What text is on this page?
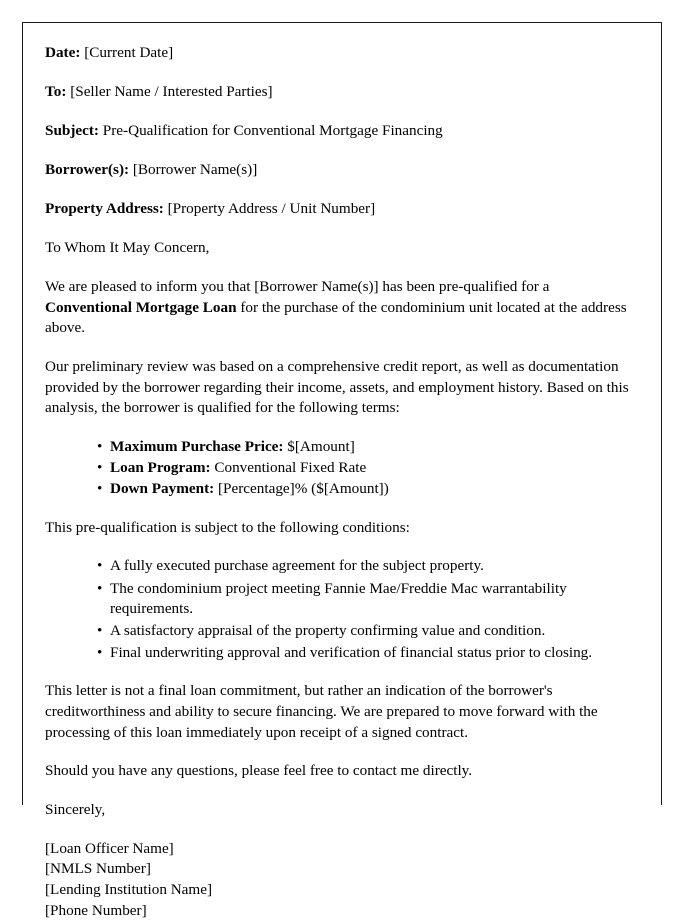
Date: [Current Date]
To: [Seller Name / Interested Parties]
Subject: Pre-Qualification for Conventional Mortgage Financing
Borrower(s): [Borrower Name(s)]
Property Address: [Property Address / Unit Number]

To Whom It May Concern,

We are pleased to inform you that [Borrower Name(s)] has been pre-qualified for a Conventional Mortgage Loan for the purchase of the condominium unit located at the address above.

Our preliminary review was based on a comprehensive credit report, as well as documentation provided by the borrower regarding their income, assets, and employment history. Based on this analysis, the borrower is qualified for the following terms:

• Maximum Purchase Price: $[Amount]
• Loan Program: Conventional Fixed Rate
• Down Payment: [Percentage]% ($[Amount])

This pre-qualification is subject to the following conditions:

• A fully executed purchase agreement for the subject property.
• The condominium project meeting Fannie Mae/Freddie Mac warrantability requirements.
• A satisfactory appraisal of the property confirming value and condition.
• Final underwriting approval and verification of financial status prior to closing.

This letter is not a final loan commitment, but rather an indication of the borrower's creditworthiness and ability to secure financing. We are prepared to move forward with the processing of this loan immediately upon receipt of a signed contract.

Should you have any questions, please feel free to contact me directly.

Sincerely,

[Loan Officer Name]
[NMLS Number]
[Lending Institution Name]
[Phone Number]
